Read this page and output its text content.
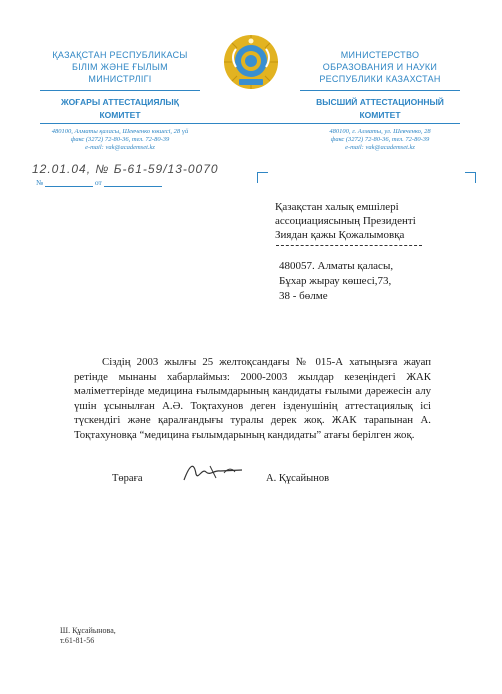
ҚАЗАҚСТАН РЕСПУБЛИКАСЫ
БІЛІМ ЖӘНЕ ҒЫЛЫМ
МИНИСТРЛІГІ
ЖОҒАРЫ АТТЕСТАЦИЯЛЫҚ
КОМИТЕТ
МИНИСТЕРСТВО
ОБРАЗОВАНИЯ И НАУКИ
РЕСПУБЛИКИ КАЗАХСТАН
ВЫСШИЙ АТТЕСТАЦИОННЫЙ
КОМИТЕТ
480100, Алматы қаласы, Шевченко көшесі, 28 үй
факс (3272) 72-80-36, тел. 72-80-39
e-mail: vak@academset.kz
480100, г. Алматы, ул. Шевченко, 28
факс (3272) 72-80-36, тел. 72-80-39
e-mail: vak@academset.kz
12.01.04, № Б-61-59/13-0070
№	от
Қазақстан халық емшілері
ассоциациясының Президенті
Зиядан қажы Қожалымовқа
480057. Алматы қаласы,
Бұхар жырау көшесі,73,
38 - бөлме

Сіздің 2003 жылғы 25 желтоқсандағы № 015-А хатыңызға жауап ретінде мынаны хабарлаймыз: 2000-2003 жылдар кезеңіндегі ЖАК мәліметтерінде медицина ғылымдарының кандидаты ғылыми дәрежесін алу үшін ұсынылған А.Ә. Тоқтахунов деген ізденушінің аттестациялық ісі түскендігі және қаралғандығы туралы дерек жоқ. ЖАК тарапынан А. Тоқтахуновқа “медицина ғылымдарының кандидаты” атағы берілген жоқ.

Төраға	А. Құсайынов
Ш. Құсайынова,
т.61-81-56
